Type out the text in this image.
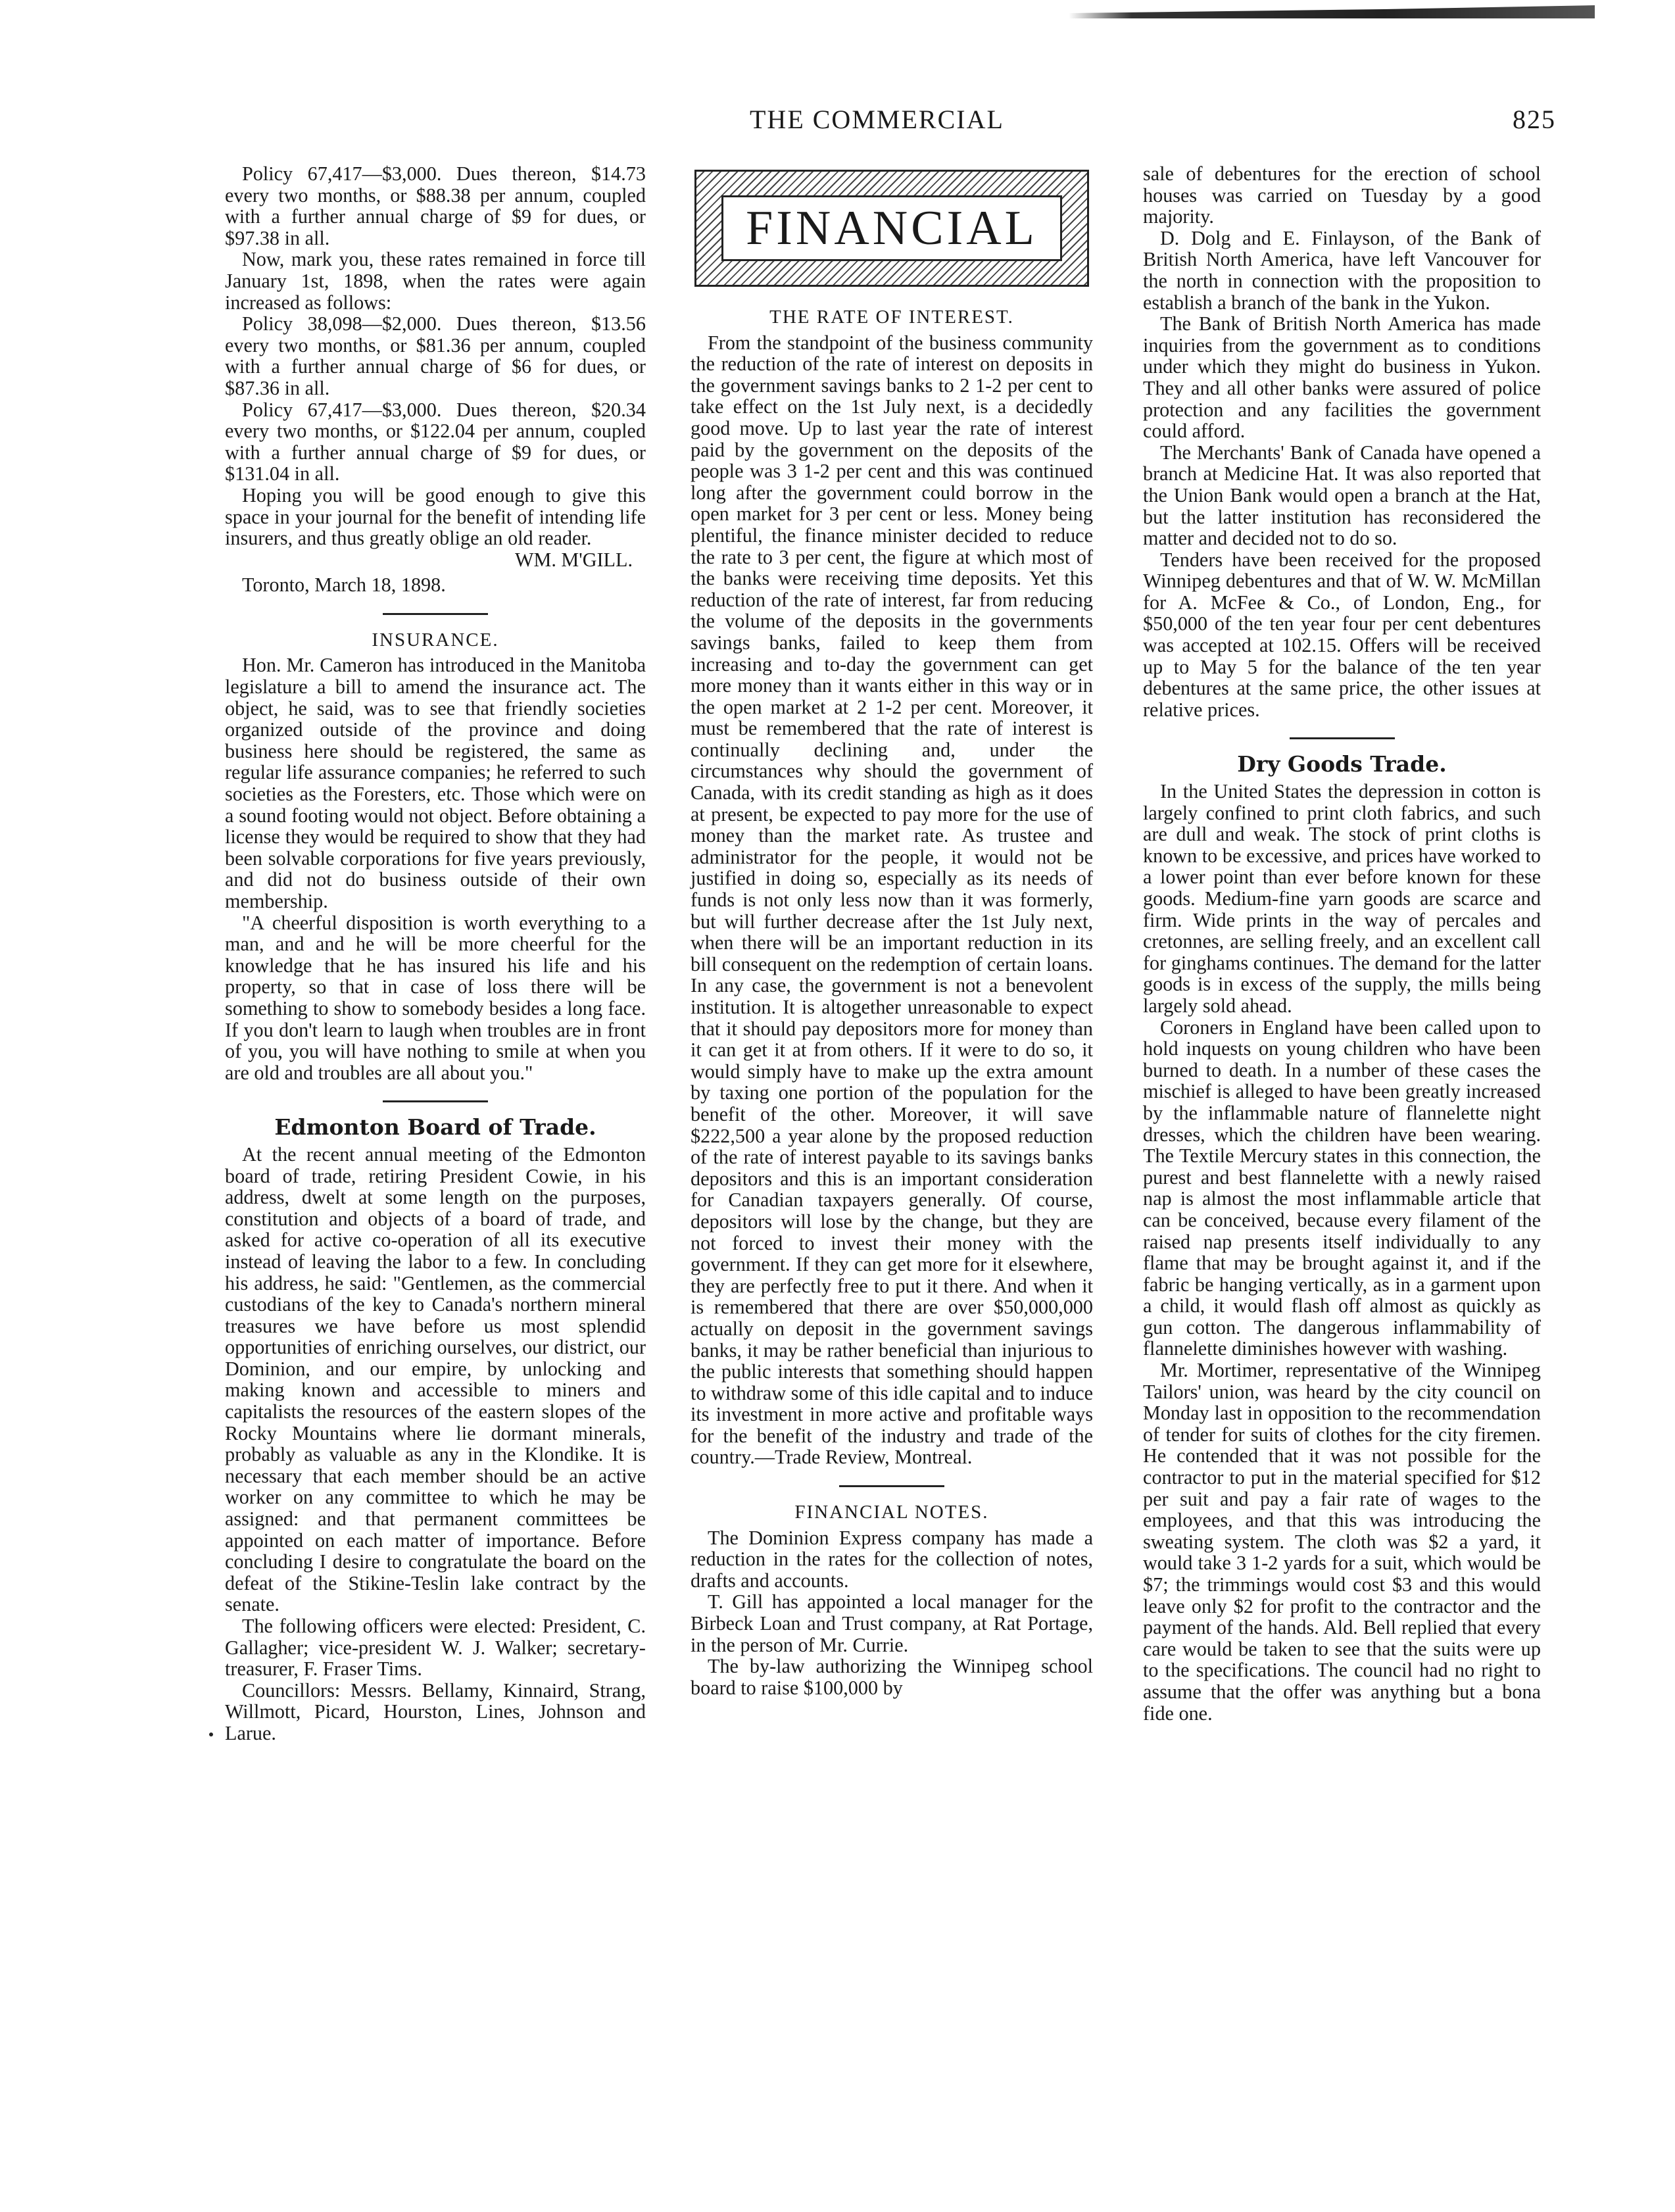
THE COMMERCIAL	825

Policy 67,417—$3,000. Dues thereon, $14.73 every two months, or $88.38 per annum, coupled with a further annual charge of $9 for dues, or $97.38 in all.

Now, mark you, these rates remained in force till January 1st, 1898, when the rates were again increased as follows:

Policy 38,098—$2,000. Dues thereon, $13.56 every two months, or $81.36 per annum, coupled with a further annual charge of $6 for dues, or $87.36 in all.

Policy 67,417—$3,000. Dues thereon, $20.34 every two months, or $122.04 per annum, coupled with a further annual charge of $9 for dues, or $131.04 in all.

Hoping you will be good enough to give this space in your journal for the benefit of intending life insurers, and thus greatly oblige an old reader.

WM. M'GILL.

Toronto, March 18, 1898.

INSURANCE.

Hon. Mr. Cameron has introduced in the Manitoba legislature a bill to amend the insurance act. The object, he said, was to see that friendly societies organized outside of the province and doing business here should be registered, the same as regular life assurance companies; he referred to such societies as the Foresters, etc. Those which were on a sound footing would not object. Before obtaining a license they would be required to show that they had been solvable corporations for five years previously, and did not do business outside of their own membership.

"A cheerful disposition is worth everything to a man, and and he will be more cheerful for the knowledge that he has insured his life and his property, so that in case of loss there will be something to show to somebody besides a long face. If you don't learn to laugh when troubles are in front of you, you will have nothing to smile at when you are old and troubles are all about you."

Edmonton Board of Trade.

At the recent annual meeting of the Edmonton board of trade, retiring President Cowie, in his address, dwelt at some length on the purposes, constitution and objects of a board of trade, and asked for active co-operation of all its executive instead of leaving the labor to a few. In concluding his address, he said: "Gentlemen, as the commercial custodians of the key to Canada's northern mineral treasures we have before us most splendid opportunities of enriching ourselves, our district, our Dominion, and our empire, by unlocking and making known and accessible to miners and capitalists the resources of the eastern slopes of the Rocky Mountains where lie dormant minerals, probably as valuable as any in the Klondike. It is necessary that each member should be an active worker on any committee to which he may be assigned: and that permanent committees be appointed on each matter of importance. Before concluding I desire to congratulate the board on the defeat of the Stikine-Teslin lake contract by the senate.

The following officers were elected: President, C. Gallagher; vice-president W. J. Walker; secretary-treasurer, F. Fraser Tims.

Councillors: Messrs. Bellamy, Kinnaird, Strang, Willmott, Picard, Hourston, Lines, Johnson and Larue.

FINANCIAL
THE RATE OF INTEREST.

From the standpoint of the business community the reduction of the rate of interest on deposits in the government savings banks to 2 1-2 per cent to take effect on the 1st July next, is a decidedly good move. Up to last year the rate of interest paid by the government on the deposits of the people was 3 1-2 per cent and this was continued long after the government could borrow in the open market for 3 per cent or less. Money being plentiful, the finance minister decided to reduce the rate to 3 per cent, the figure at which most of the banks were receiving time deposits. Yet this reduction of the rate of interest, far from reducing the volume of the deposits in the governments savings banks, failed to keep them from increasing and to-day the government can get more money than it wants either in this way or in the open market at 2 1-2 per cent. Moreover, it must be remembered that the rate of interest is continually declining and, under the circumstances why should the government of Canada, with its credit standing as high as it does at present, be expected to pay more for the use of money than the market rate. As trustee and administrator for the people, it would not be justified in doing so, especially as its needs of funds is not only less now than it was formerly, but will further decrease after the 1st July next, when there will be an important reduction in its bill consequent on the redemption of certain loans. In any case, the government is not a benevolent institution. It is altogether unreasonable to expect that it should pay depositors more for money than it can get it at from others. If it were to do so, it would simply have to make up the extra amount by taxing one portion of the population for the benefit of the other. Moreover, it will save $222,500 a year alone by the proposed reduction of the rate of interest payable to its savings banks depositors and this is an important consideration for Canadian taxpayers generally. Of course, depositors will lose by the change, but they are not forced to invest their money with the government. If they can get more for it elsewhere, they are perfectly free to put it there. And when it is remembered that there are over $50,000,000 actually on deposit in the government savings banks, it may be rather beneficial than injurious to the public interests that something should happen to withdraw some of this idle capital and to induce its investment in more active and profitable ways for the benefit of the industry and trade of the country.—Trade Review, Montreal.

FINANCIAL NOTES.

The Dominion Express company has made a reduction in the rates for the collection of notes, drafts and accounts.

T. Gill has appointed a local manager for the Birbeck Loan and Trust company, at Rat Portage, in the person of Mr. Currie.

The by-law authorizing the Winnipeg school board to raise $100,000 by

sale of debentures for the erection of school houses was carried on Tuesday by a good majority.

D. Dolg and E. Finlayson, of the Bank of British North America, have left Vancouver for the north in connection with the proposition to establish a branch of the bank in the Yukon.

The Bank of British North America has made inquiries from the government as to conditions under which they might do business in Yukon. They and all other banks were assured of police protection and any facilities the government could afford.

The Merchants' Bank of Canada have opened a branch at Medicine Hat. It was also reported that the Union Bank would open a branch at the Hat, but the latter institution has reconsidered the matter and decided not to do so.

Tenders have been received for the proposed Winnipeg debentures and that of W. W. McMillan for A. McFee & Co., of London, Eng., for $50,000 of the ten year four per cent debentures was accepted at 102.15. Offers will be received up to May 5 for the balance of the ten year debentures at the same price, the other issues at relative prices.

Dry Goods Trade.

In the United States the depression in cotton is largely confined to print cloth fabrics, and such are dull and weak. The stock of print cloths is known to be excessive, and prices have worked to a lower point than ever before known for these goods. Medium-fine yarn goods are scarce and firm. Wide prints in the way of percales and cretonnes, are selling freely, and an excellent call for ginghams continues. The demand for the latter goods is in excess of the supply, the mills being largely sold ahead.

Coroners in England have been called upon to hold inquests on young children who have been burned to death. In a number of these cases the mischief is alleged to have been greatly increased by the inflammable nature of flannelette night dresses, which the children have been wearing. The Textile Mercury states in this connection, the purest and best flannelette with a newly raised nap is almost the most inflammable article that can be conceived, because every filament of the raised nap presents itself individually to any flame that may be brought against it, and if the fabric be hanging vertically, as in a garment upon a child, it would flash off almost as quickly as gun cotton. The dangerous inflammability of flannelette diminishes however with washing.

Mr. Mortimer, representative of the Winnipeg Tailors' union, was heard by the city council on Monday last in opposition to the recommendation of tender for suits of clothes for the city firemen. He contended that it was not possible for the contractor to put in the material specified for $12 per suit and pay a fair rate of wages to the employees, and that this was introducing the sweating system. The cloth was $2 a yard, it would take 3 1-2 yards for a suit, which would be $7; the trimmings would cost $3 and this would leave only $2 for profit to the contractor and the payment of the hands. Ald. Bell replied that every care would be taken to see that the suits were up to the specifications. The council had no right to assume that the offer was anything but a bona fide one.
